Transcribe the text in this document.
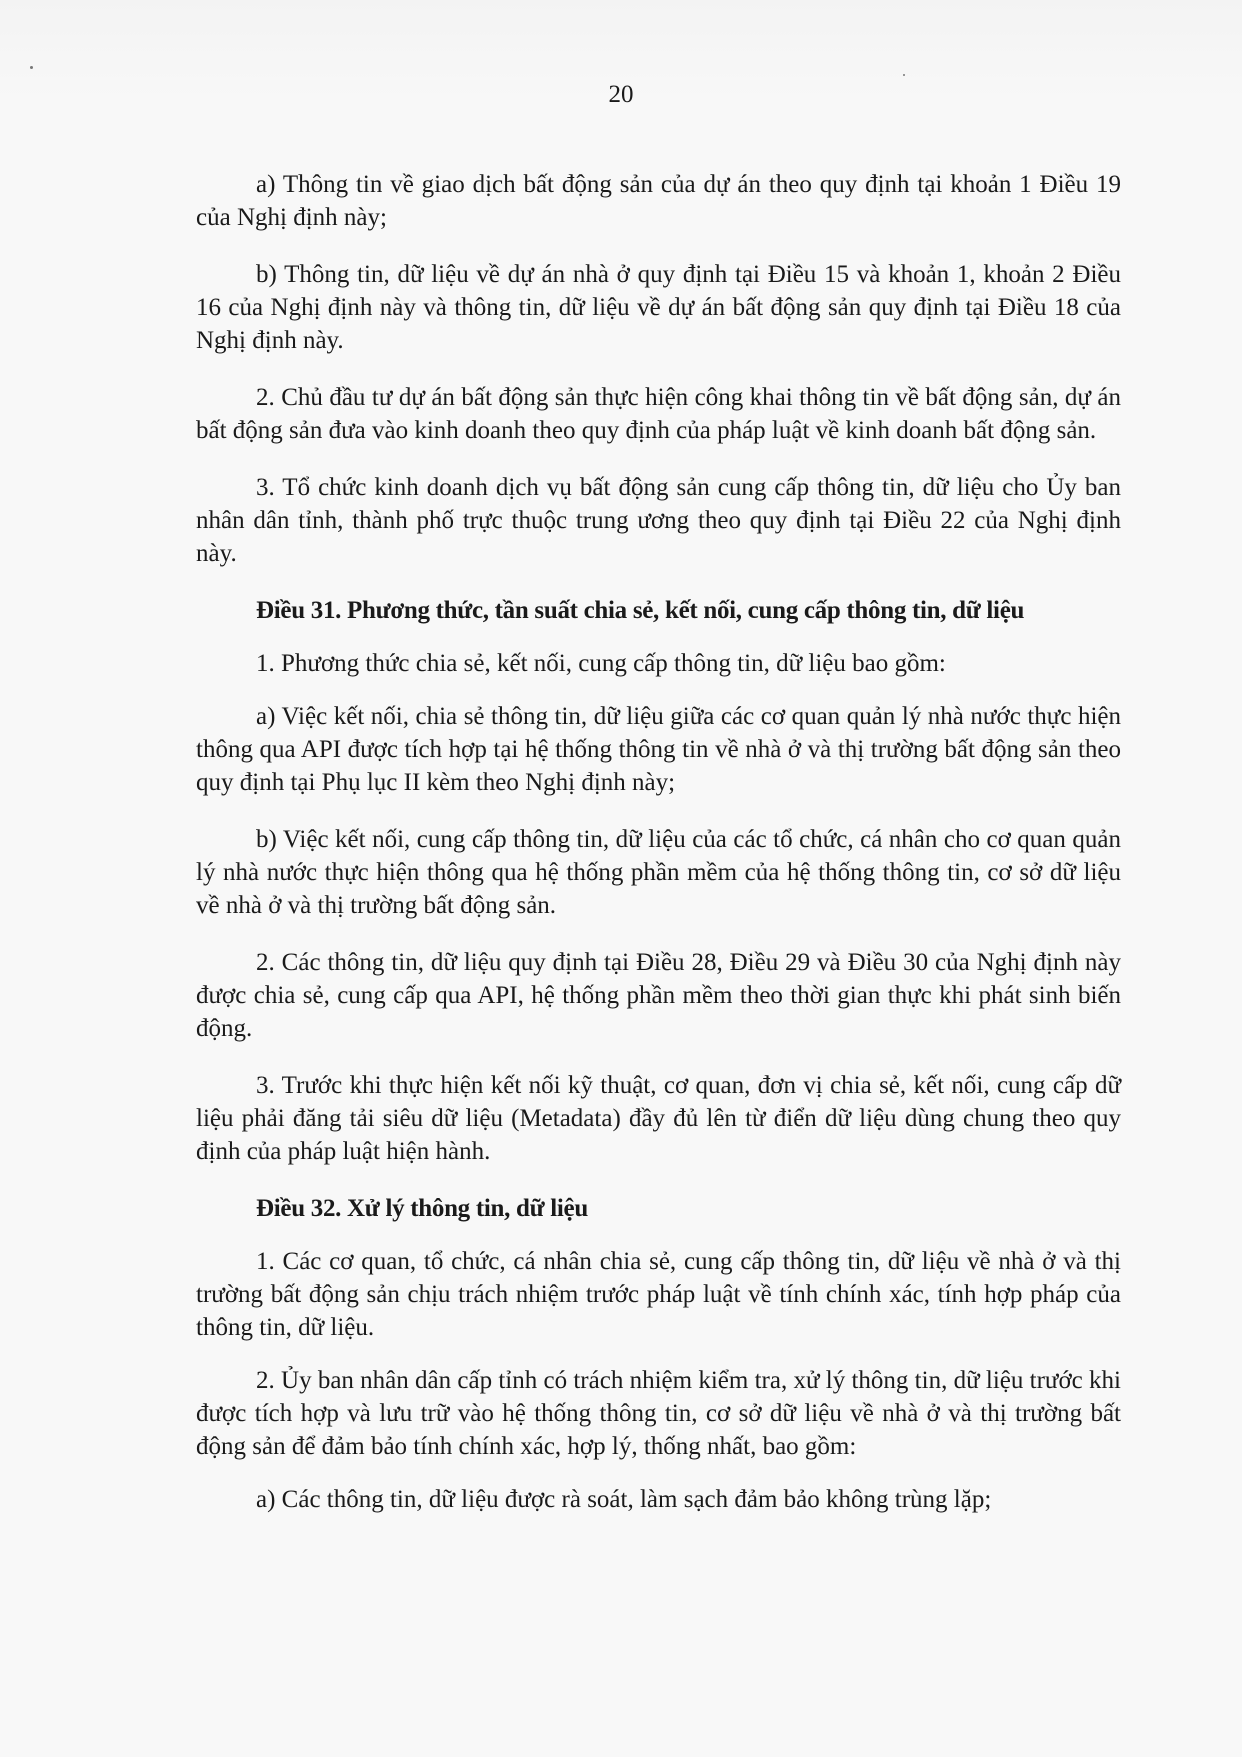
20

a) Thông tin về giao dịch bất động sản của dự án theo quy định tại khoản 1 Điều 19 của Nghị định này;

b) Thông tin, dữ liệu về dự án nhà ở quy định tại Điều 15 và khoản 1, khoản 2 Điều 16 của Nghị định này và thông tin, dữ liệu về dự án bất động sản quy định tại Điều 18 của Nghị định này.

2. Chủ đầu tư dự án bất động sản thực hiện công khai thông tin về bất động sản, dự án bất động sản đưa vào kinh doanh theo quy định của pháp luật về kinh doanh bất động sản.

3. Tổ chức kinh doanh dịch vụ bất động sản cung cấp thông tin, dữ liệu cho Ủy ban nhân dân tỉnh, thành phố trực thuộc trung ương theo quy định tại Điều 22 của Nghị định này.

Điều 31. Phương thức, tần suất chia sẻ, kết nối, cung cấp thông tin, dữ liệu

1. Phương thức chia sẻ, kết nối, cung cấp thông tin, dữ liệu bao gồm:

a) Việc kết nối, chia sẻ thông tin, dữ liệu giữa các cơ quan quản lý nhà nước thực hiện thông qua API được tích hợp tại hệ thống thông tin về nhà ở và thị trường bất động sản theo quy định tại Phụ lục II kèm theo Nghị định này;

b) Việc kết nối, cung cấp thông tin, dữ liệu của các tổ chức, cá nhân cho cơ quan quản lý nhà nước thực hiện thông qua hệ thống phần mềm của hệ thống thông tin, cơ sở dữ liệu về nhà ở và thị trường bất động sản.

2. Các thông tin, dữ liệu quy định tại Điều 28, Điều 29 và Điều 30 của Nghị định này được chia sẻ, cung cấp qua API, hệ thống phần mềm theo thời gian thực khi phát sinh biến động.

3. Trước khi thực hiện kết nối kỹ thuật, cơ quan, đơn vị chia sẻ, kết nối, cung cấp dữ liệu phải đăng tải siêu dữ liệu (Metadata) đầy đủ lên từ điển dữ liệu dùng chung theo quy định của pháp luật hiện hành.

Điều 32. Xử lý thông tin, dữ liệu

1. Các cơ quan, tổ chức, cá nhân chia sẻ, cung cấp thông tin, dữ liệu về nhà ở và thị trường bất động sản chịu trách nhiệm trước pháp luật về tính chính xác, tính hợp pháp của thông tin, dữ liệu.

2. Ủy ban nhân dân cấp tỉnh có trách nhiệm kiểm tra, xử lý thông tin, dữ liệu trước khi được tích hợp và lưu trữ vào hệ thống thông tin, cơ sở dữ liệu về nhà ở và thị trường bất động sản để đảm bảo tính chính xác, hợp lý, thống nhất, bao gồm:

a) Các thông tin, dữ liệu được rà soát, làm sạch đảm bảo không trùng lặp;
